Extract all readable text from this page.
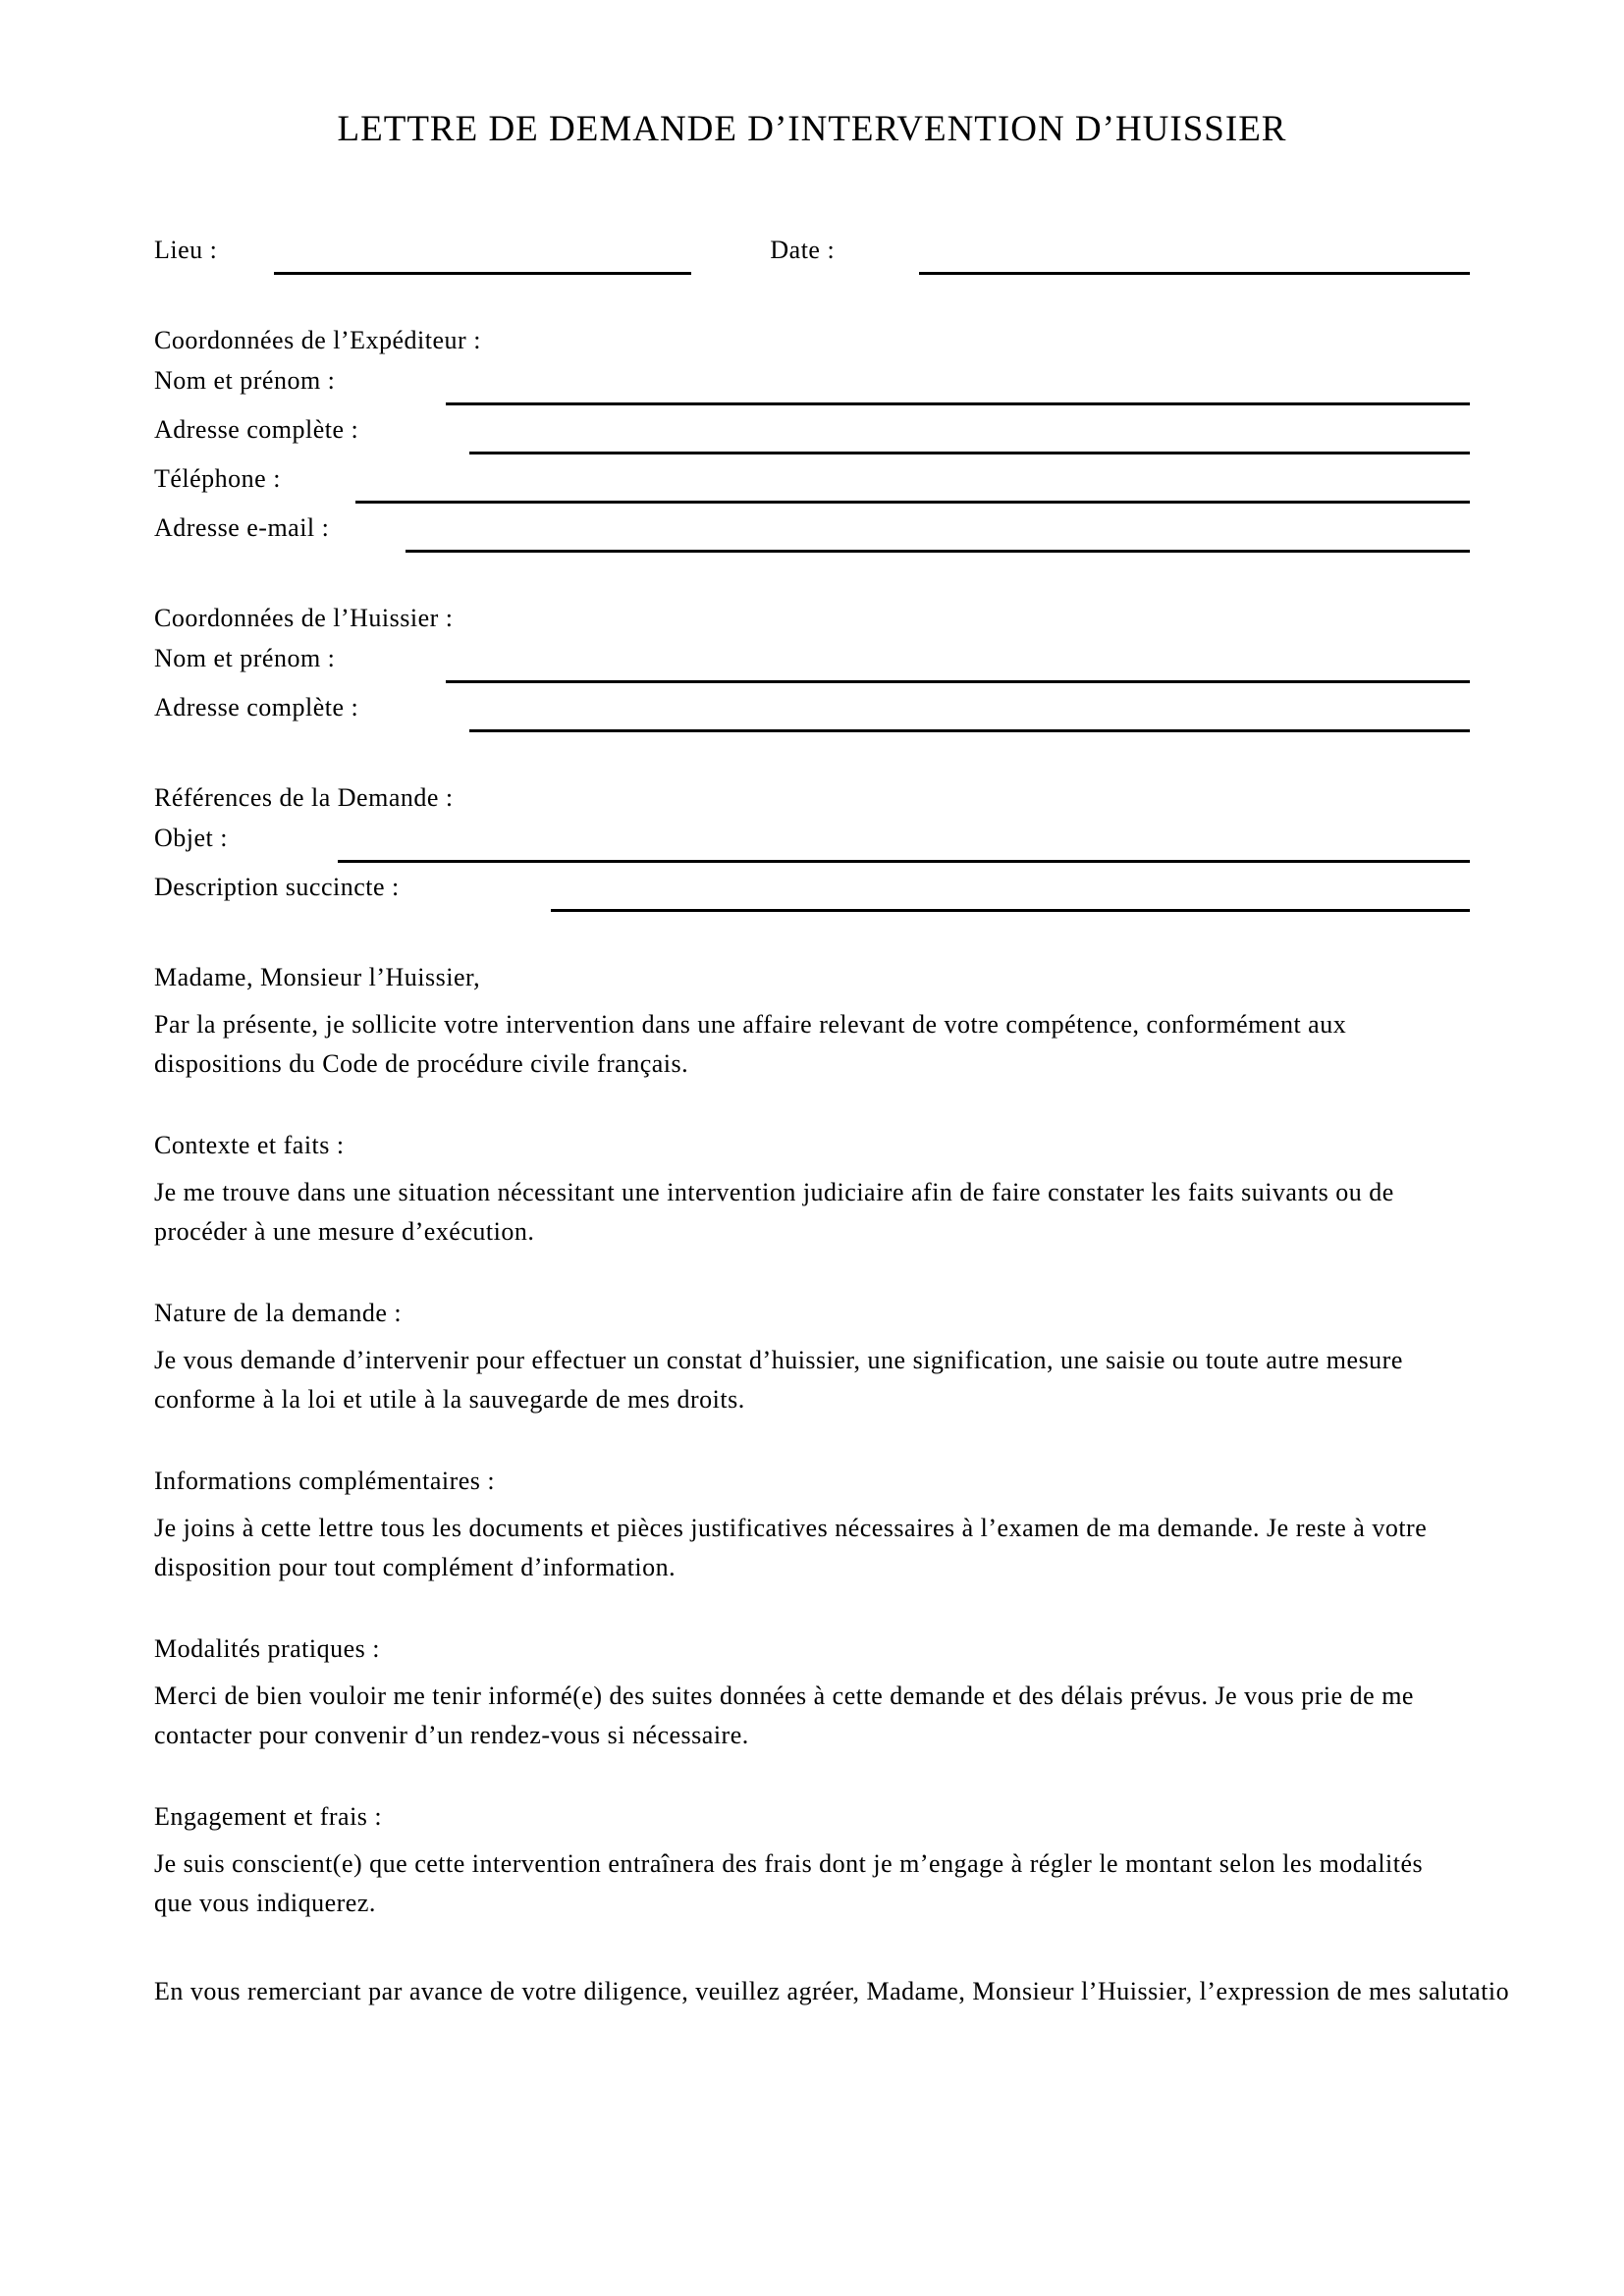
LETTRE DE DEMANDE D’INTERVENTION D’HUISSIER
Lieu :	Date :
Coordonnées de l’Expéditeur :
Nom et prénom :
Adresse complète :
Téléphone :
Adresse e-mail :
Coordonnées de l’Huissier :
Nom et prénom :
Adresse complète :
Références de la Demande :
Objet :
Description succincte :
Madame, Monsieur l’Huissier,
Par la présente, je sollicite votre intervention dans une affaire relevant de votre compétence, conformément aux
dispositions du Code de procédure civile français.
Contexte et faits :
Je me trouve dans une situation nécessitant une intervention judiciaire afin de faire constater les faits suivants ou de
procéder à une mesure d’exécution.
Nature de la demande :
Je vous demande d’intervenir pour effectuer un constat d’huissier, une signification, une saisie ou toute autre mesure
conforme à la loi et utile à la sauvegarde de mes droits.
Informations complémentaires :
Je joins à cette lettre tous les documents et pièces justificatives nécessaires à l’examen de ma demande. Je reste à votre
disposition pour tout complément d’information.
Modalités pratiques :
Merci de bien vouloir me tenir informé(e) des suites données à cette demande et des délais prévus. Je vous prie de me
contacter pour convenir d’un rendez-vous si nécessaire.
Engagement et frais :
Je suis conscient(e) que cette intervention entraînera des frais dont je m’engage à régler le montant selon les modalités
que vous indiquerez.
En vous remerciant par avance de votre diligence, veuillez agréer, Madame, Monsieur l’Huissier, l’expression de mes salutatio
